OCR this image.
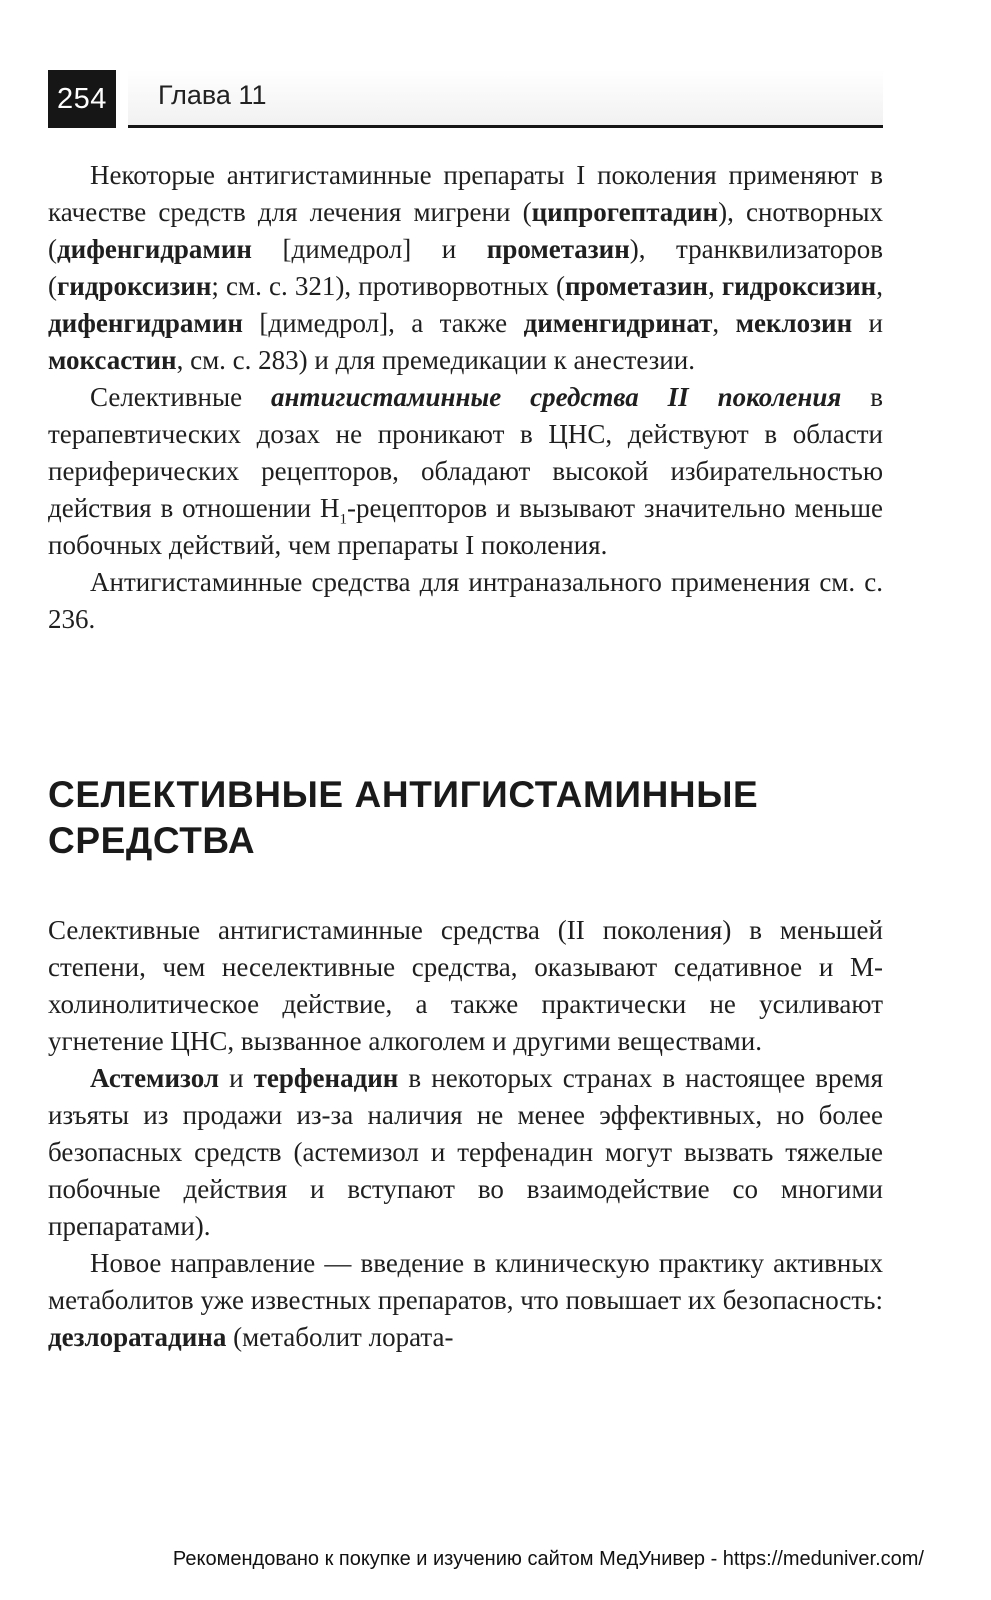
254	Глава 11

Некоторые антигистаминные препараты I поколения применяют в качестве средств для лечения мигрени (ципрогептадин), снотворных (дифенгидрамин [димедрол] и прометазин), транквилизаторов (гидроксизин; см. с. 321), противорвотных (прометазин, гидроксизин, дифенгидрамин [димедрол], а также дименгидринат, меклозин и моксастин, см. с. 283) и для премедикации к анестезии.

Селективные антигистаминные средства II поколения в терапевтических дозах не проникают в ЦНС, действуют в области периферических рецепторов, обладают высокой избирательностью действия в отношении $Н_1$-рецепторов и вызывают значительно меньше побочных действий, чем препараты I поколения.

Антигистаминные средства для интраназального применения см. с. 236.

СЕЛЕКТИВНЫЕ АНТИГИСТАМИННЫЕ СРЕДСТВА

Селективные антигистаминные средства (II поколения) в меньшей степени, чем неселективные средства, оказывают седативное и М-холинолитическое действие, а также практически не усиливают угнетение ЦНС, вызванное алкоголем и другими веществами.

Астемизол и терфенадин в некоторых странах в настоящее время изъяты из продажи из-за наличия не менее эффективных, но более безопасных средств (астемизол и терфенадин могут вызвать тяжелые побочные действия и вступают во взаимодействие со многими препаратами).

Новое направление — введение в клиническую практику активных метаболитов уже известных препаратов, что повышает их безопасность: дезлоратадина (метаболит лората-

Рекомендовано к покупке и изучению сайтом МедУнивер - https://meduniver.com/
